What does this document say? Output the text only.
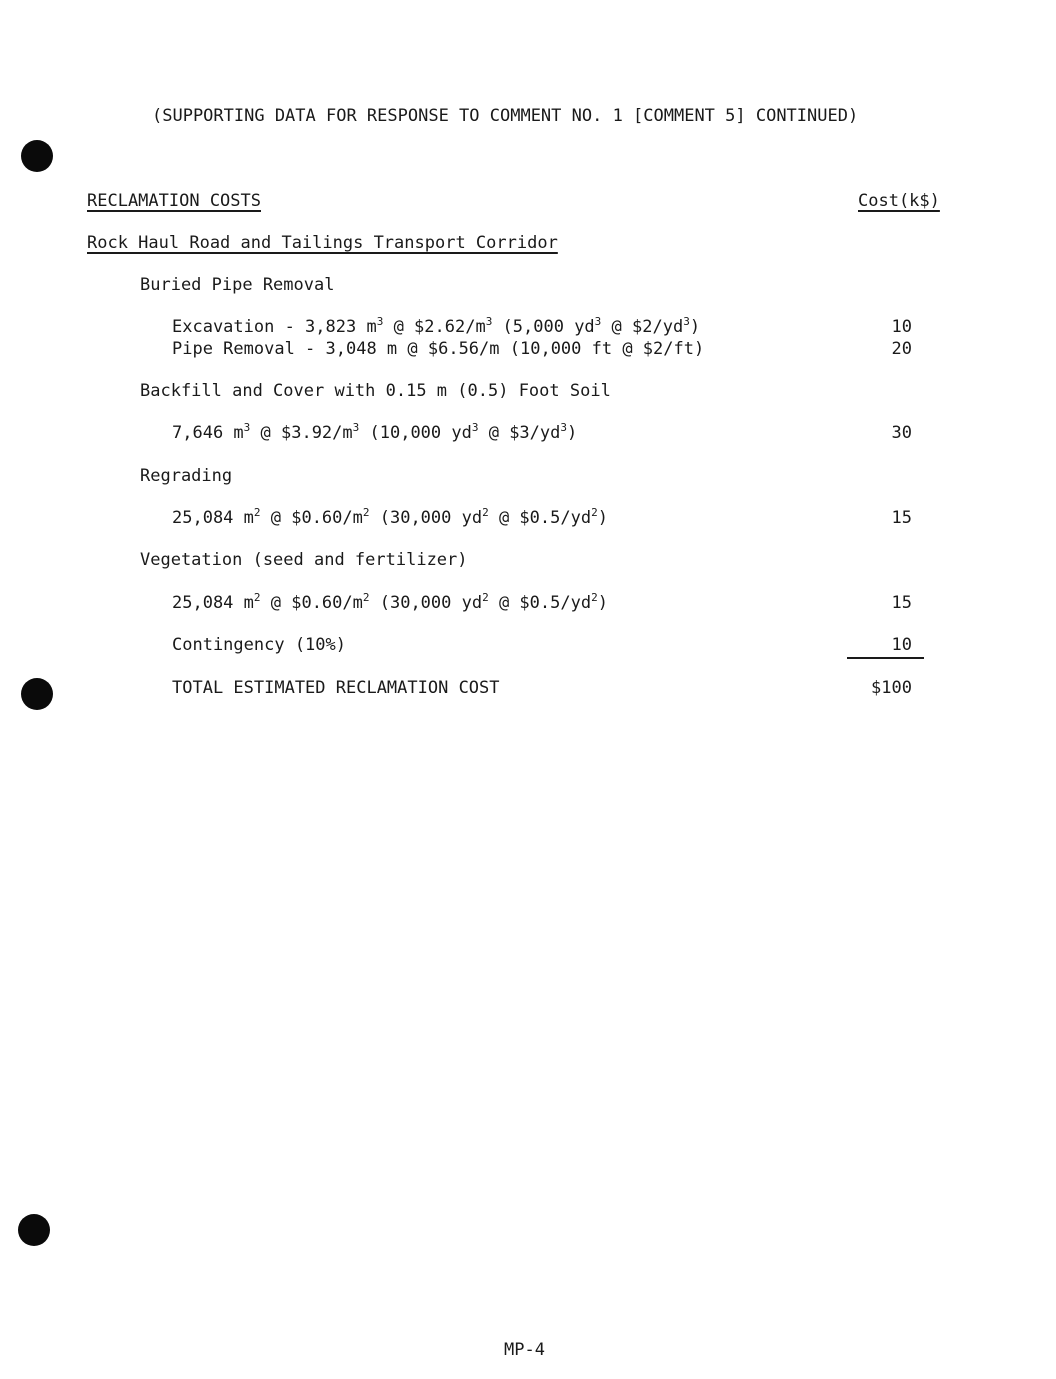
(SUPPORTING DATA FOR RESPONSE TO COMMENT NO. 1 [COMMENT 5] CONTINUED)
RECLAMATION COSTS	Cost(k$)
Rock Haul Road and Tailings Transport Corridor
Buried Pipe Removal
Excavation - 3,823 $m^3$ @ $\$2.62/m^3$ (5,000 $yd^3$ @ $\$2/yd^3$)	10
Pipe Removal - 3,048 m @ $6.56/m (10,000 ft @ $2/ft)	20
Backfill and Cover with 0.15 m (0.5) Foot Soil
7,646 $m^3$ @ $\$3.92/m^3$ (10,000 $yd^3$ @ $\$3/yd^3$)	30
Regrading
25,084 $m^2$ @ $\$0.60/m^2$ (30,000 $yd^2$ @ $\$0.5/yd^2$)	15
Vegetation (seed and fertilizer)
25,084 $m^2$ @ $\$0.60/m^2$ (30,000 $yd^2$ @ $\$0.5/yd^2$)	15
Contingency (10%)	10
TOTAL ESTIMATED RECLAMATION COST	$100
MP-4
